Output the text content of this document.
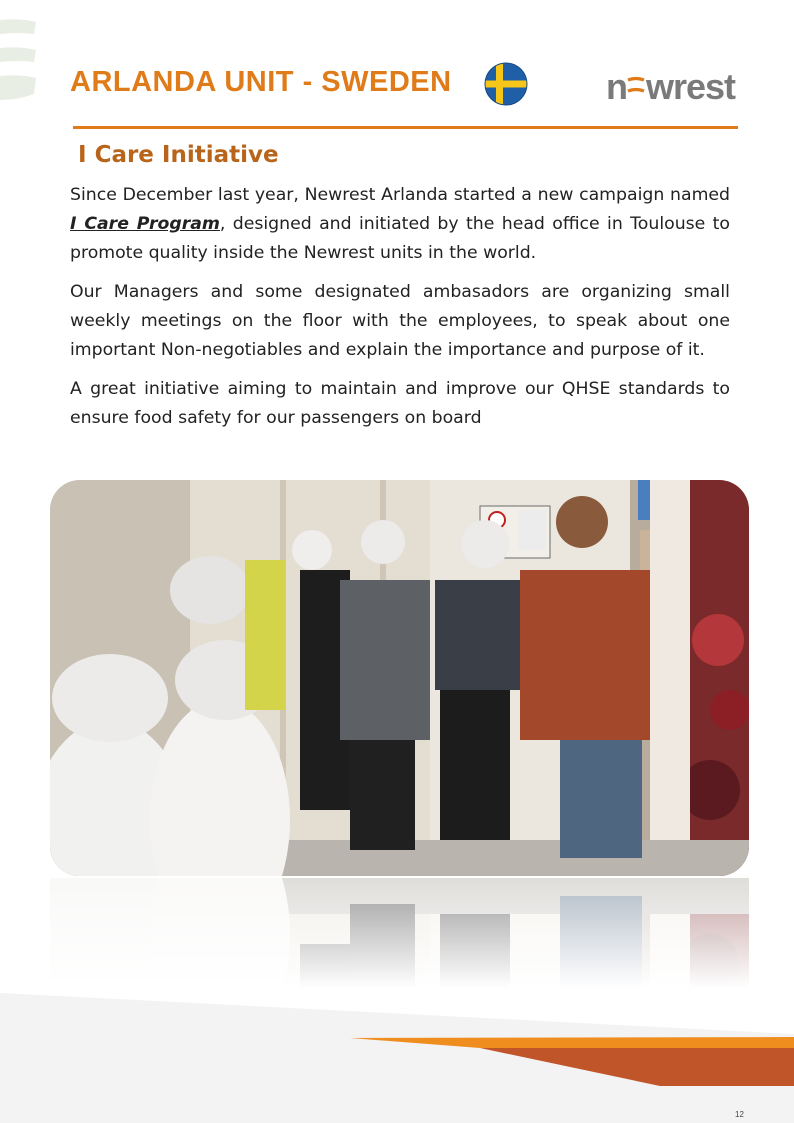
ARLANDA UNIT - SWEDEN	n wrest
I Care Initiative

Since December last year, Newrest Arlanda started a new campaign named I Care Program, designed and initiated by the head office in Toulouse to promote quality inside the Newrest units in the world.

Our Managers and some designated ambasadors are organizing small weekly meetings on the floor with the employees, to speak about one important Non-negotiables and explain the importance and purpose of it.

A great initiative aiming to maintain and improve our QHSE standards to ensure food safety for our passengers on board

12
